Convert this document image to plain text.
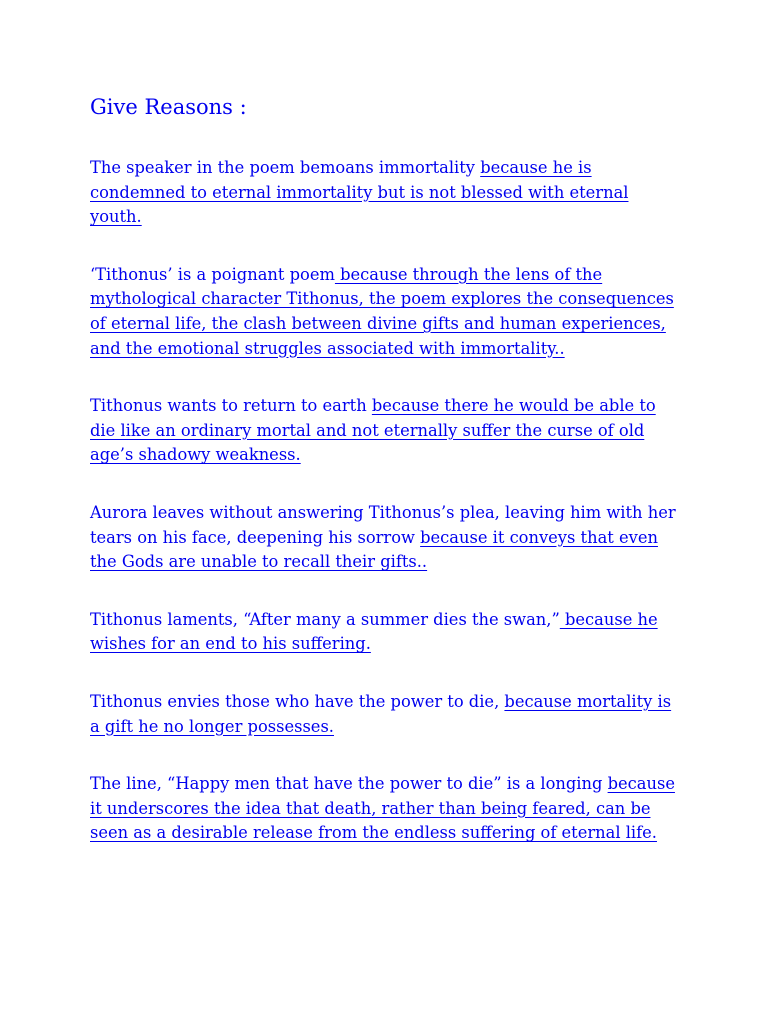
Give Reasons :

The speaker in the poem bemoans immortality because he is condemned to eternal immortality but is not blessed with eternal youth.

‘Tithonus’ is a poignant poem because through the lens of the mythological character Tithonus, the poem explores the consequences of eternal life, the clash between divine gifts and human experiences, and the emotional struggles associated with immortality..

Tithonus wants to return to earth because there he would be able to die like an ordinary mortal and not eternally suffer the curse of old age’s shadowy weakness.

Aurora leaves without answering Tithonus’s plea, leaving him with her tears on his face, deepening his sorrow because it conveys that even the Gods are unable to recall their gifts..

Tithonus laments, “After many a summer dies the swan,” because he wishes for an end to his suffering.

Tithonus envies those who have the power to die, because mortality is a gift he no longer possesses.

The line, “Happy men that have the power to die” is a longing because it underscores the idea that death, rather than being feared, can be seen as a desirable release from the endless suffering of eternal life.
